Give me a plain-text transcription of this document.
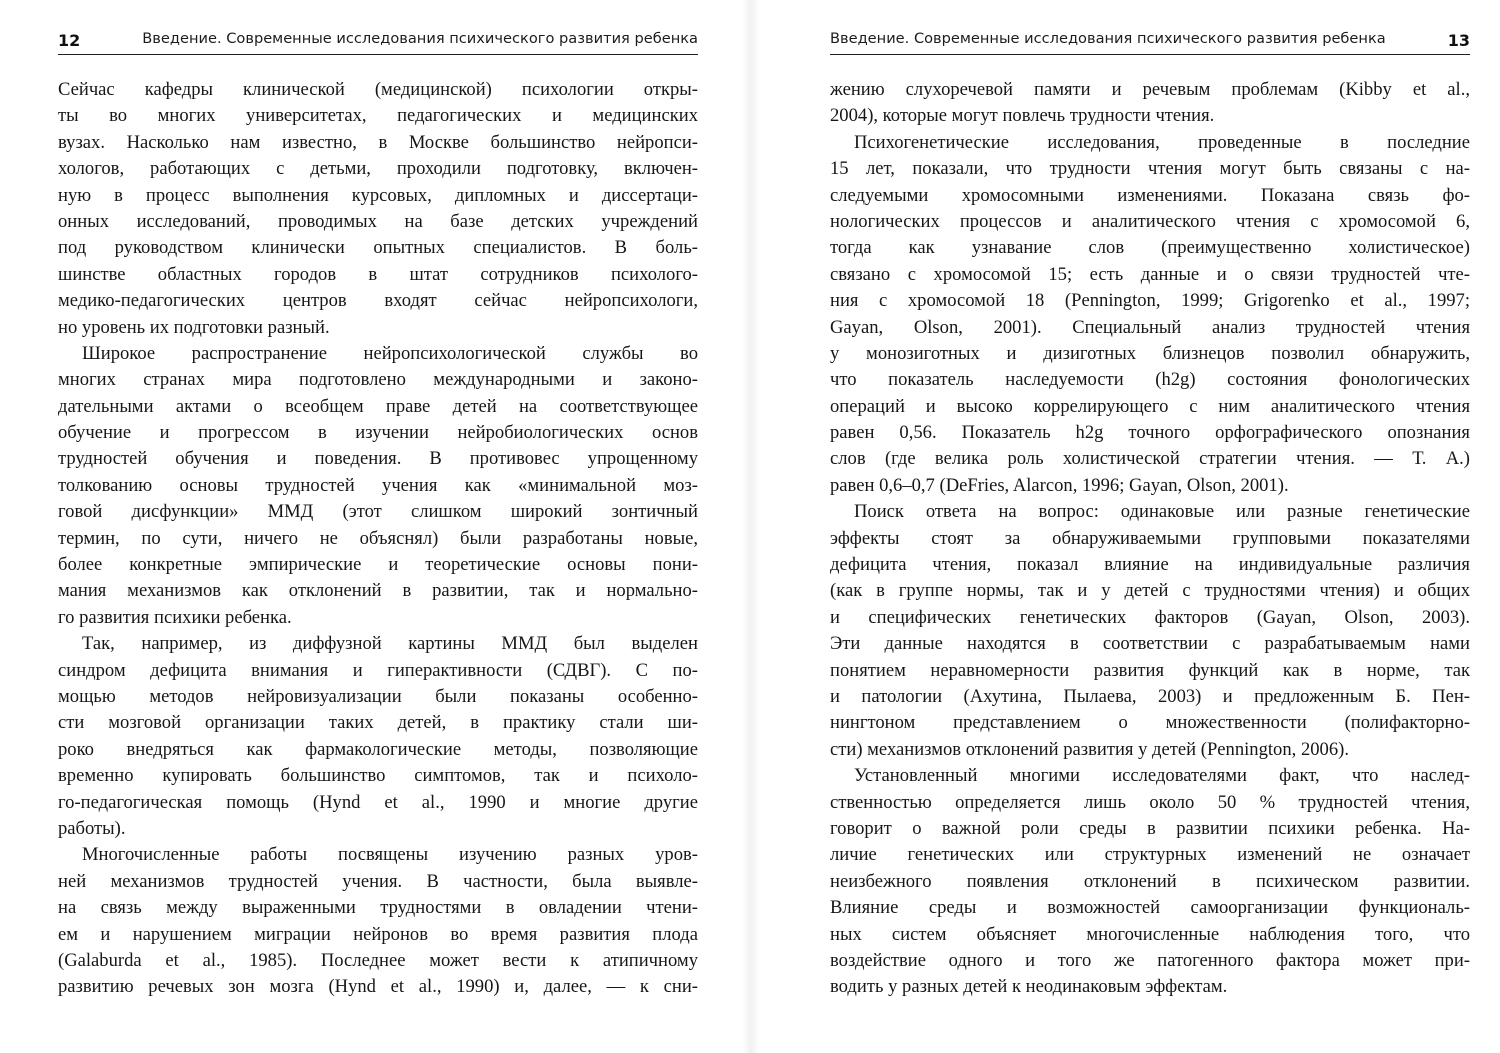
12	Введение. Современные исследования психического развития ребенка
Сейчас кафедры клинической (медицинской) психологии откры-
ты во многих университетах, педагогических и медицинских
вузах. Насколько нам известно, в Москве большинство нейропси-
хологов, работающих с детьми, проходили подготовку, включен-
ную в процесс выполнения курсовых, дипломных и диссертаци-
онных исследований, проводимых на базе детских учреждений
под руководством клинически опытных специалистов. В боль-
шинстве областных городов в штат сотрудников психолого-
медико-педагогических центров входят сейчас нейропсихологи,
но уровень их подготовки разный.
Широкое распространение нейропсихологической службы во
многих странах мира подготовлено международными и законо-
дательными актами о всеобщем праве детей на соответствующее
обучение и прогрессом в изучении нейробиологических основ
трудностей обучения и поведения. В противовес упрощенному
толкованию основы трудностей учения как «минимальной моз-
говой дисфункции» ММД (этот слишком широкий зонтичный
термин, по сути, ничего не объяснял) были разработаны новые,
более конкретные эмпирические и теоретические основы пони-
мания механизмов как отклонений в развитии, так и нормально-
го развития психики ребенка.
Так, например, из диффузной картины ММД был выделен
синдром дефицита внимания и гиперактивности (СДВГ). С по-
мощью методов нейровизуализации были показаны особенно-
сти мозговой организации таких детей, в практику стали ши-
роко внедряться как фармакологические методы, позволяющие
временно купировать большинство симптомов, так и психоло-
го-педагогическая помощь (Hynd et al., 1990 и многие другие
работы).
Многочисленные работы посвящены изучению разных уров-
ней механизмов трудностей учения. В частности, была выявле-
на связь между выраженными трудностями в овладении чтени-
ем и нарушением миграции нейронов во время развития плода
(Galaburda et al., 1985). Последнее может вести к атипичному
развитию речевых зон мозга (Hynd et al., 1990) и, далее, — к сни-
Введение. Современные исследования психического развития ребенка	13
жению слухоречевой памяти и речевым проблемам (Kibby et al.,
2004), которые могут повлечь трудности чтения.
Психогенетические исследования, проведенные в последние
15 лет, показали, что трудности чтения могут быть связаны с на-
следуемыми хромосомными изменениями. Показана связь фо-
нологических процессов и аналитического чтения с хромосомой 6,
тогда как узнавание слов (преимущественно холистическое)
связано с хромосомой 15; есть данные и о связи трудностей чте-
ния с хромосомой 18 (Pennington, 1999; Grigorenko et al., 1997;
Gayan, Olson, 2001). Специальный анализ трудностей чтения
у монозиготных и дизиготных близнецов позволил обнаружить,
что показатель наследуемости (h2g) состояния фонологических
операций и высоко коррелирующего с ним аналитического чтения
равен 0,56. Показатель h2g точного орфографического опознания
слов (где велика роль холистической стратегии чтения. — Т. А.)
равен 0,6–0,7 (DeFries, Alarcon, 1996; Gayan, Olson, 2001).
Поиск ответа на вопрос: одинаковые или разные генетические
эффекты стоят за обнаруживаемыми групповыми показателями
дефицита чтения, показал влияние на индивидуальные различия
(как в группе нормы, так и у детей с трудностями чтения) и общих
и специфических генетических факторов (Gayan, Olson, 2003).
Эти данные находятся в соответствии с разрабатываемым нами
понятием неравномерности развития функций как в норме, так
и патологии (Ахутина, Пылаева, 2003) и предложенным Б. Пен-
нингтоном представлением о множественности (полифакторно-
сти) механизмов отклонений развития у детей (Pennington, 2006).
Установленный многими исследователями факт, что наслед-
ственностью определяется лишь около 50 % трудностей чтения,
говорит о важной роли среды в развитии психики ребенка. На-
личие генетических или структурных изменений не означает
неизбежного появления отклонений в психическом развитии.
Влияние среды и возможностей самоорганизации функциональ-
ных систем объясняет многочисленные наблюдения того, что
воздействие одного и того же патогенного фактора может при-
водить у разных детей к неодинаковым эффектам.
